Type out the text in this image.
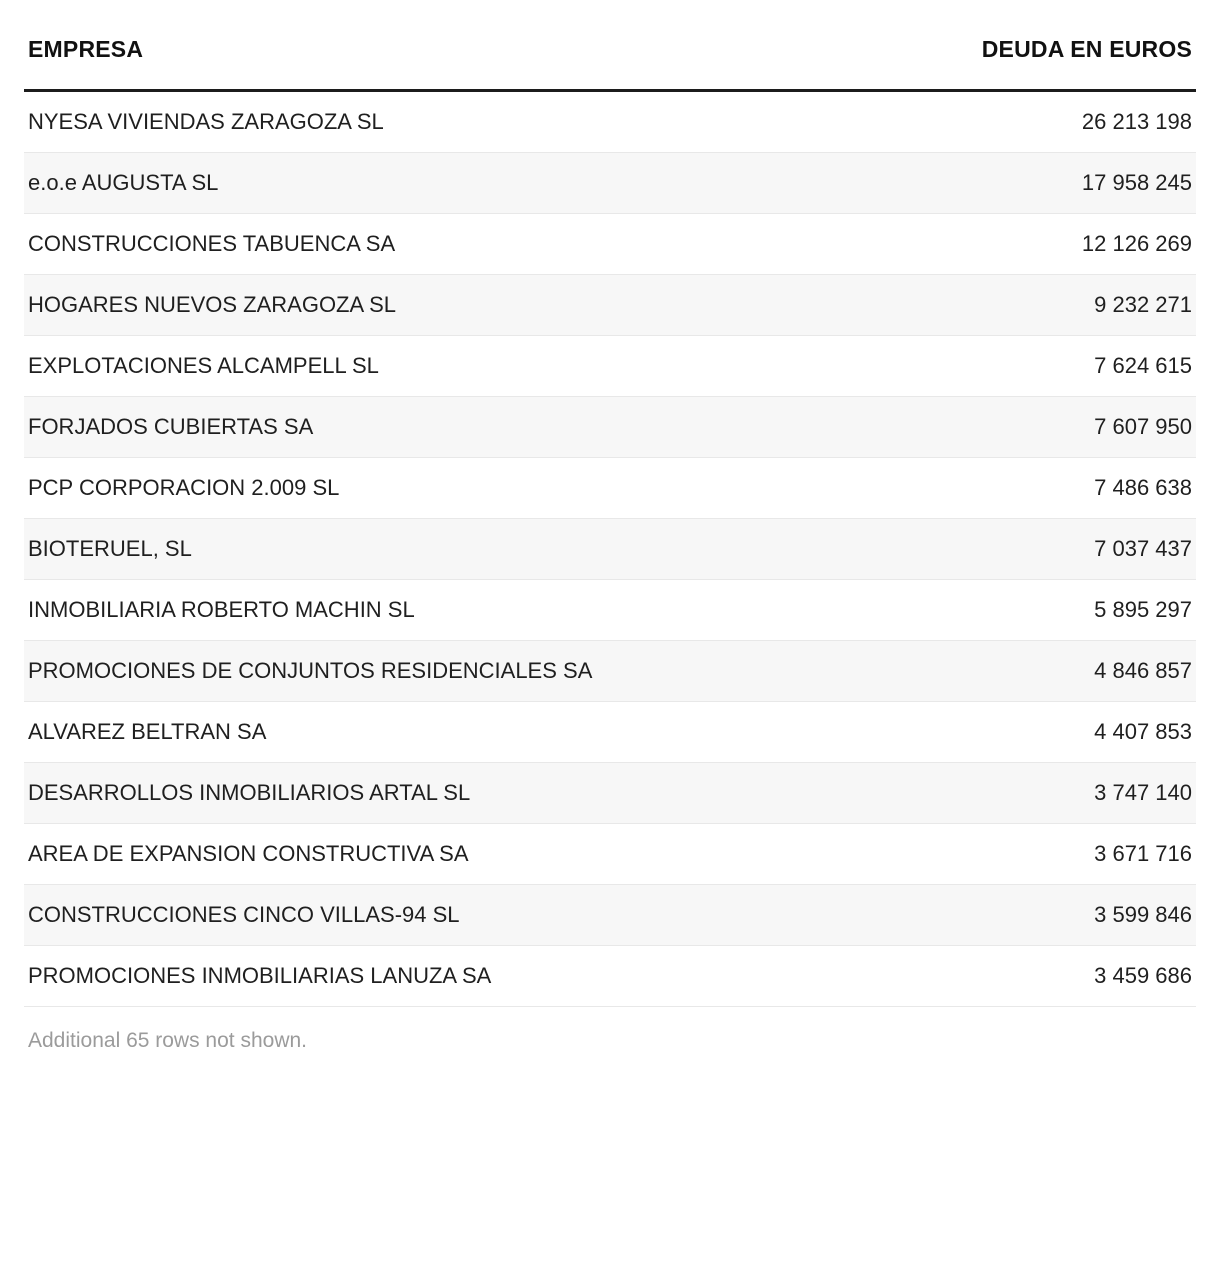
EMPRESA	DEUDA EN EUROS
NYESA VIVIENDAS ZARAGOZA SL	26 213 198
e.o.e AUGUSTA SL	17 958 245
CONSTRUCCIONES TABUENCA SA	12 126 269
HOGARES NUEVOS ZARAGOZA SL	9 232 271
EXPLOTACIONES ALCAMPELL SL	7 624 615
FORJADOS CUBIERTAS SA	7 607 950
PCP CORPORACION 2.009 SL	7 486 638
BIOTERUEL, SL	7 037 437
INMOBILIARIA ROBERTO MACHIN SL	5 895 297
PROMOCIONES DE CONJUNTOS RESIDENCIALES SA	4 846 857
ALVAREZ BELTRAN SA	4 407 853
DESARROLLOS INMOBILIARIOS ARTAL SL	3 747 140
AREA DE EXPANSION CONSTRUCTIVA SA	3 671 716
CONSTRUCCIONES CINCO VILLAS-94 SL	3 599 846
PROMOCIONES INMOBILIARIAS LANUZA SA	3 459 686
Additional 65 rows not shown.
